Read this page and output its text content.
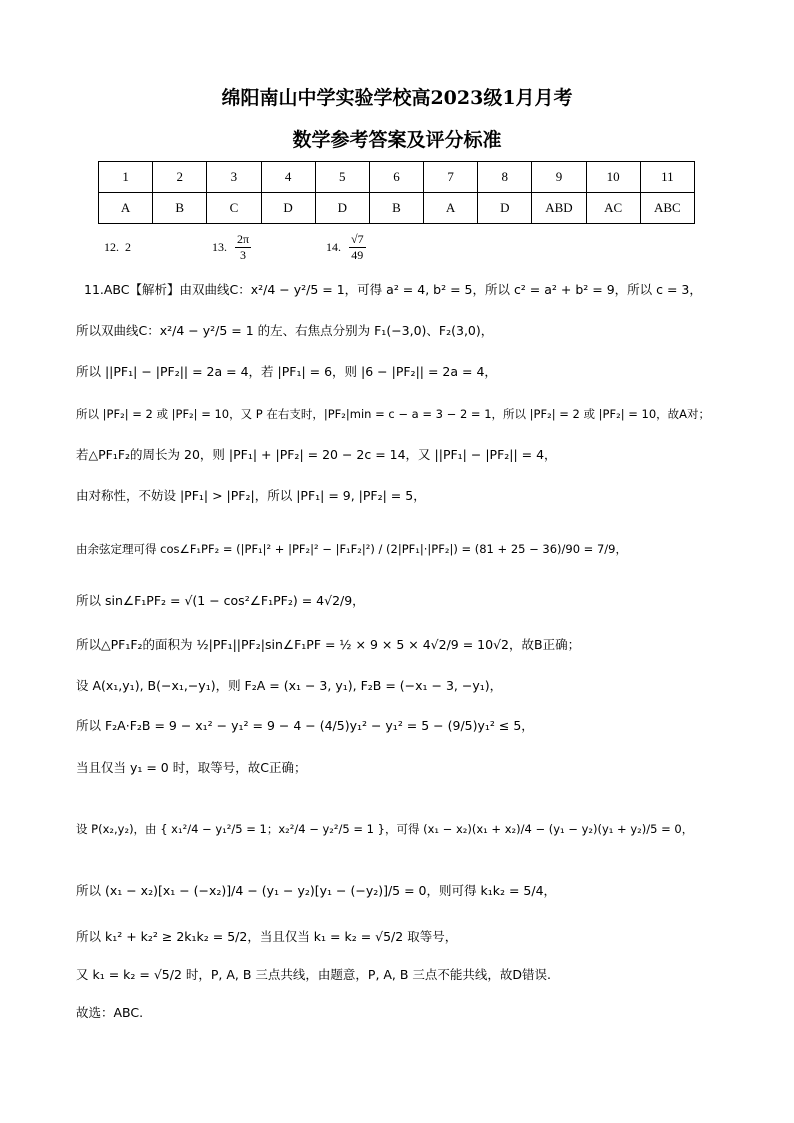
绵阳南山中学实验学校高2023级1月月考
数学参考答案及评分标准
1	2	3	4	5	6	7	8	9	10	11
A	B	C	D	D	B	A	D	ABD	AC	ABC
12. 2	13. $\frac{2\pi}{3}$	14. $\frac{√7}{49}$
11.ABC【解析】由双曲线C：x²/4 − y²/5 = 1，可得 a² = 4, b² = 5，所以 c² = a² + b² = 9，所以 c = 3，
所以双曲线C：x²/4 − y²/5 = 1 的左、右焦点分别为 F₁(−3,0)、F₂(3,0)，
所以 ||PF₁| − |PF₂|| = 2a = 4，若 |PF₁| = 6，则 |6 − |PF₂|| = 2a = 4，
所以 |PF₂| = 2 或 |PF₂| = 10，又 P 在右支时，|PF₂|min = c − a = 3 − 2 = 1，所以 |PF₂| = 2 或 |PF₂| = 10，故A对；
若△PF₁F₂的周长为 20，则 |PF₁| + |PF₂| = 20 − 2c = 14，又 ||PF₁| − |PF₂|| = 4，
由对称性，不妨设 |PF₁| > |PF₂|，所以 |PF₁| = 9, |PF₂| = 5，
由余弦定理可得 cos∠F₁PF₂ = (|PF₁|² + |PF₂|² − |F₁F₂|²) / (2|PF₁|·|PF₂|) = (81 + 25 − 36)/90 = 7/9，
所以 sin∠F₁PF₂ = √(1 − cos²∠F₁PF₂) = 4√2/9，
所以△PF₁F₂的面积为 ½|PF₁||PF₂|sin∠F₁PF = ½ × 9 × 5 × 4√2/9 = 10√2，故B正确；
设 A(x₁,y₁), B(−x₁,−y₁)，则 F₂A = (x₁ − 3, y₁), F₂B = (−x₁ − 3, −y₁)，
所以 F₂A·F₂B = 9 − x₁² − y₁² = 9 − 4 − (4/5)y₁² − y₁² = 5 − (9/5)y₁² ≤ 5，
当且仅当 y₁ = 0 时，取等号，故C正确；
设 P(x₂,y₂)，由 { x₁²/4 − y₁²/5 = 1；x₂²/4 − y₂²/5 = 1 }，可得 (x₁ − x₂)(x₁ + x₂)/4 − (y₁ − y₂)(y₁ + y₂)/5 = 0，
所以 (x₁ − x₂)[x₁ − (−x₂)]/4 − (y₁ − y₂)[y₁ − (−y₂)]/5 = 0，则可得 k₁k₂ = 5/4，
所以 k₁² + k₂² ≥ 2k₁k₂ = 5/2，当且仅当 k₁ = k₂ = √5/2 取等号，
又 k₁ = k₂ = √5/2 时，P, A, B 三点共线，由题意，P, A, B 三点不能共线，故D错误.
故选：ABC.
